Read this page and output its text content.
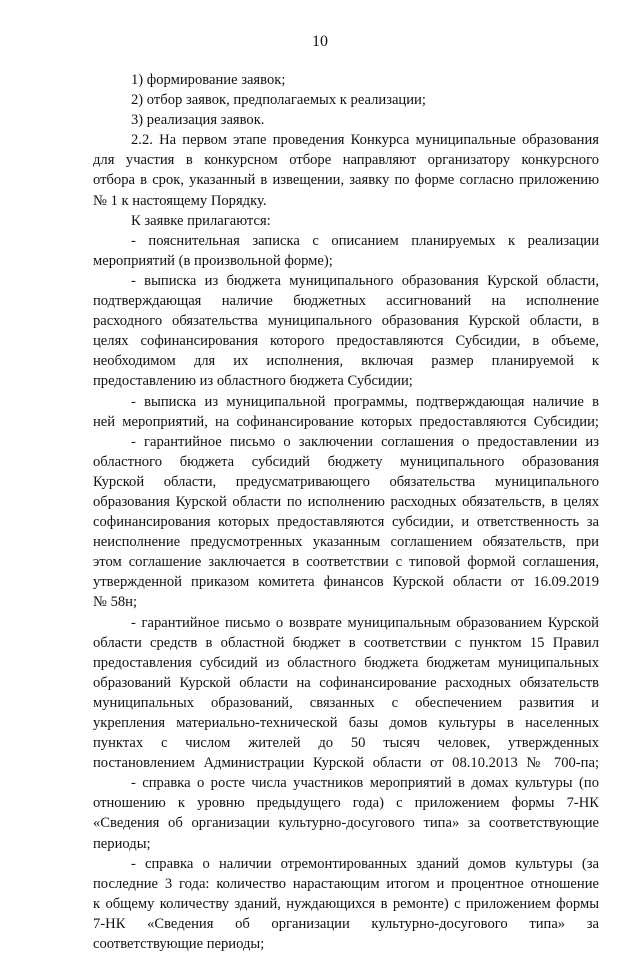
10
1) формирование заявок;
2) отбор заявок, предполагаемых к реализации;
3) реализация заявок.
2.2. На первом этапе проведения Конкурса муниципальные образования
для участия в конкурсном отборе направляют организатору конкурсного
отбора в срок, указанный в извещении, заявку по форме согласно приложению
№ 1 к настоящему Порядку.
К заявке прилагаются:
- пояснительная записка с описанием планируемых к реализации
мероприятий (в произвольной форме);
- выписка из бюджета муниципального образования Курской области,
подтверждающая наличие бюджетных ассигнований на исполнение
расходного обязательства муниципального образования Курской области, в
целях софинансирования которого предоставляются Субсидии, в объеме,
необходимом для их исполнения, включая размер планируемой к
предоставлению из областного бюджета Субсидии;
- выписка из муниципальной программы, подтверждающая наличие в
ней мероприятий, на софинансирование которых предоставляются Субсидии;
- гарантийное письмо о заключении соглашения о предоставлении из
областного бюджета субсидий бюджету муниципального образования
Курской области, предусматривающего обязательства муниципального
образования Курской области по исполнению расходных обязательств, в целях
софинансирования которых предоставляются субсидии, и ответственность за
неисполнение предусмотренных указанным соглашением обязательств, при
этом соглашение заключается в соответствии с типовой формой соглашения,
утвержденной приказом комитета финансов Курской области от 16.09.2019
№ 58н;
- гарантийное письмо о возврате муниципальным образованием Курской
области средств в областной бюджет в соответствии с пунктом 15 Правил
предоставления субсидий из областного бюджета бюджетам муниципальных
образований Курской области на софинансирование расходных обязательств
муниципальных образований, связанных с обеспечением развития и
укрепления материально-технической базы домов культуры в населенных
пунктах с числом жителей до 50 тысяч человек, утвержденных
постановлением Администрации Курской области от 08.10.2013 № 700-па;
- справка о росте числа участников мероприятий в домах культуры (по
отношению к уровню предыдущего года) с приложением формы 7-НК
«Сведения об организации культурно-досугового типа» за соответствующие
периоды;
- справка о наличии отремонтированных зданий домов культуры (за
последние 3 года: количество нарастающим итогом и процентное отношение
к общему количеству зданий, нуждающихся в ремонте) с приложением формы
7-НК «Сведения об организации культурно-досугового типа» за
соответствующие периоды;
